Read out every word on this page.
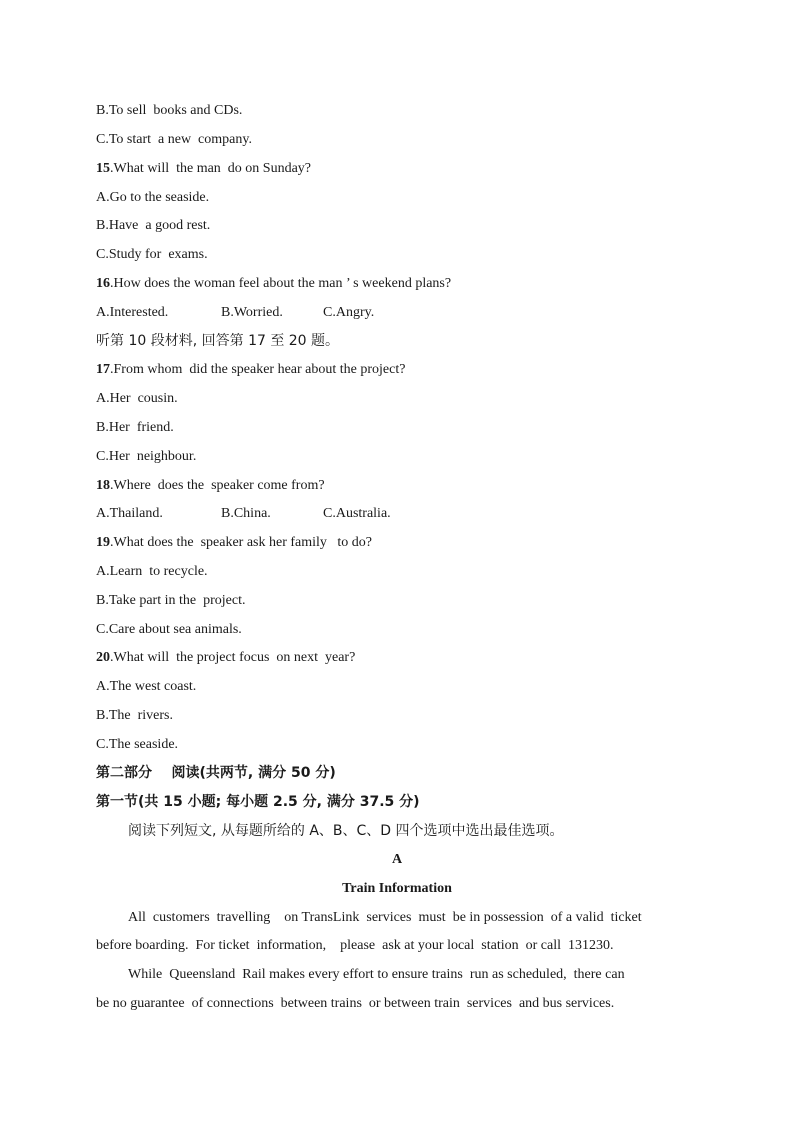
B.To sell  books and CDs.
C.To start  a new  company.
15.What will  the man  do on Sunday?
A.Go to the seaside.
B.Have  a good rest.
C.Study for  exams.
16.How does the woman feel about the man ’ s weekend plans?
A.Interested.	B.Worried.	C.Angry.
听第 10 段材料, 回答第 17 至 20 题。
17.From whom  did the speaker hear about the project?
A.Her  cousin.
B.Her  friend.
C.Her  neighbour.
18.Where  does the  speaker come from?
A.Thailand.	B.China.	C.Australia.
19.What does the  speaker ask her family   to do?
A.Learn  to recycle.
B.Take part in the  project.
C.Care about sea animals.
20.What will  the project focus  on next  year?
A.The west coast.
B.The  rivers.
C.The seaside.
第二部分    阅读(共两节, 满分 50 分)
第一节(共 15 小题; 每小题 2.5 分, 满分 37.5 分)
阅读下列短文, 从每题所给的 A、B、C、D 四个选项中选出最佳选项。
A
Train Information
All  customers  travelling    on TransLink  services  must  be in possession  of a valid  ticket
before boarding.  For ticket  information,    please  ask at your local  station  or call  131230.
While  Queensland  Rail makes every effort to ensure trains  run as scheduled,  there can
be no guarantee  of connections  between trains  or between train  services  and bus services.
